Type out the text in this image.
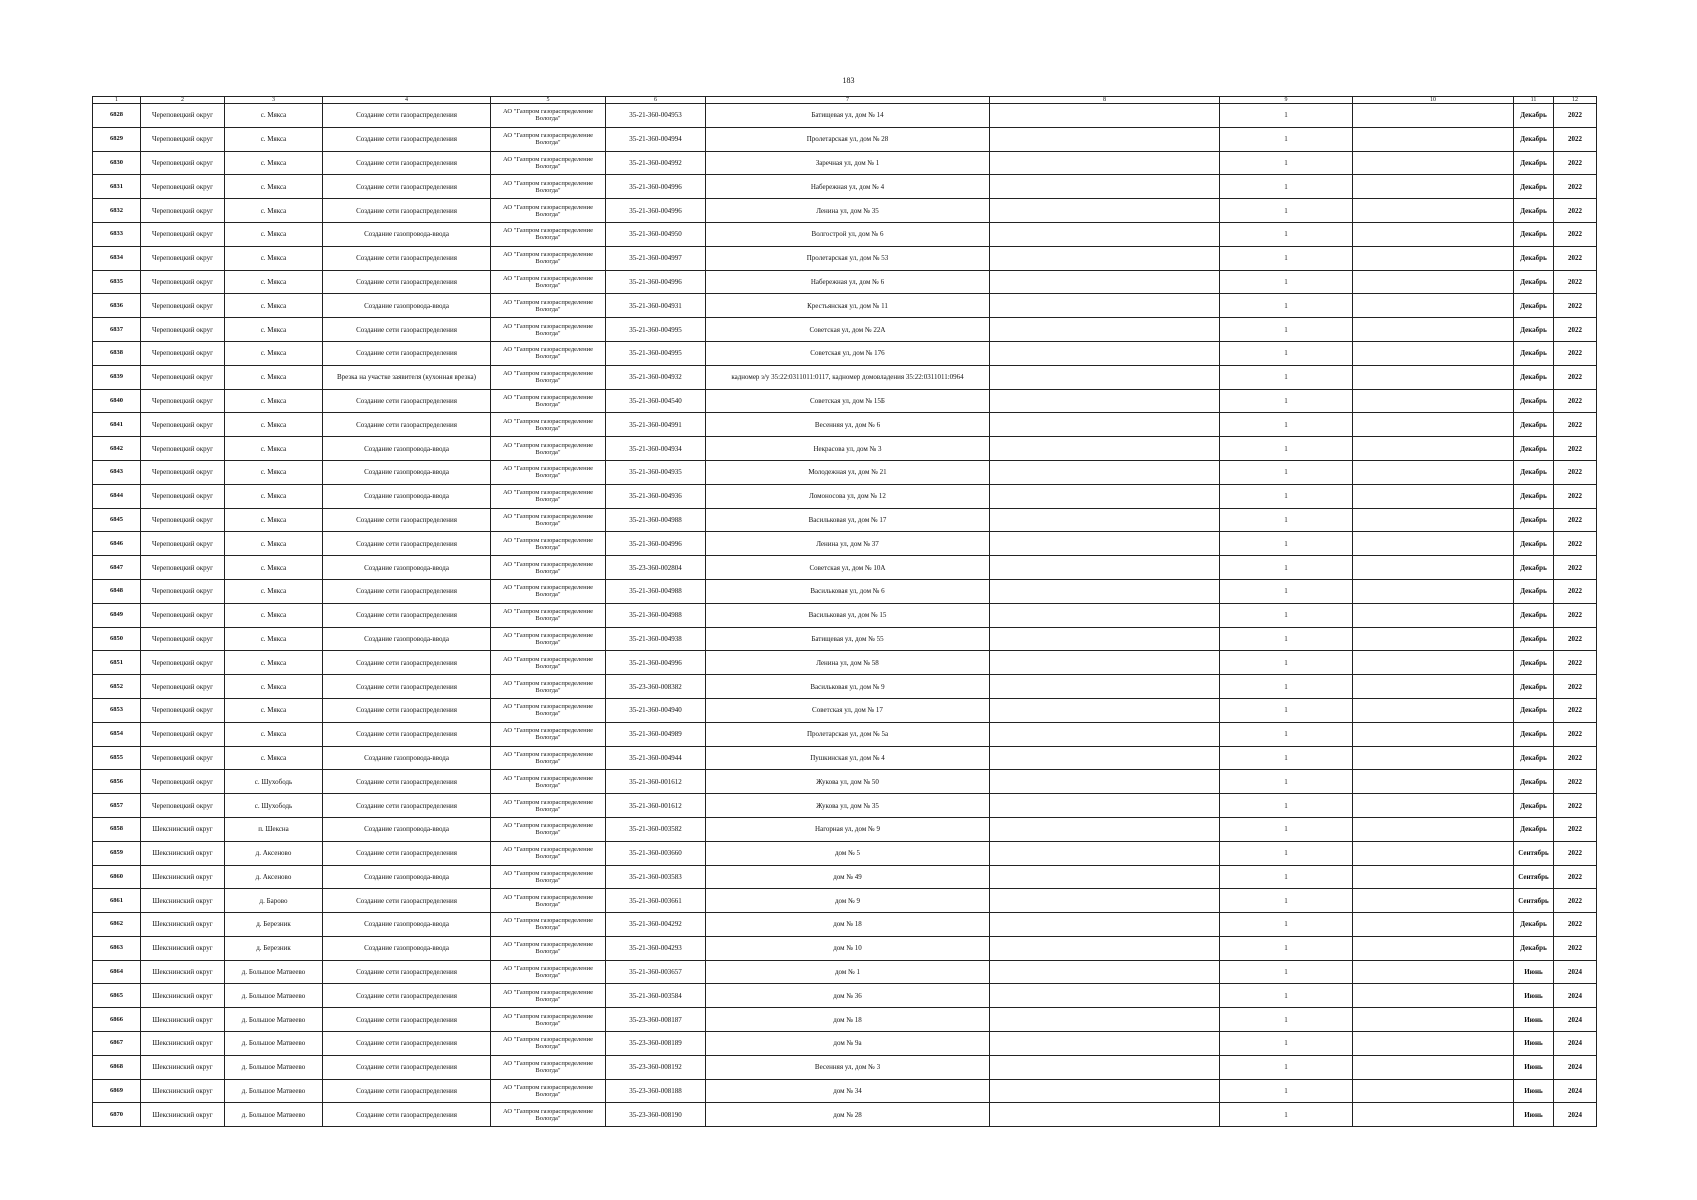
183
1	2	3	4	5	6	7	8	9	10	11	12
6828	Череповецкий округ	с. Мяксa	Создание сети газораспределения	АО "Газпром газораспределение Вологда"	35-21-360-004953	Батищевая ул, дом № 14		1		Декабрь	2022
6829	Череповецкий округ	с. Мякса	Создание сети газораспределения	АО "Газпром газораспределение Вологда"	35-21-360-004994	Пролетарская ул, дом № 28		1		Декабрь	2022
6830	Череповецкий округ	с. Мякса	Создание сети газораспределения	АО "Газпром газораспределение Вологда"	35-21-360-004992	Заречная ул, дом № 1		1		Декабрь	2022
6831	Череповецкий округ	с. Мякса	Создание сети газораспределения	АО "Газпром газораспределение Вологда"	35-21-360-004996	Набережная ул, дом № 4		1		Декабрь	2022
6832	Череповецкий округ	с. Мякса	Создание сети газораспределения	АО "Газпром газораспределение Вологда"	35-21-360-004996	Ленина ул, дом № 35		1		Декабрь	2022
6833	Череповецкий округ	с. Мякса	Создание газопровода-ввода	АО "Газпром газораспределение Вологда"	35-21-360-004950	Волгострой ул, дом № 6		1		Декабрь	2022
6834	Череповецкий округ	с. Мякса	Создание сети газораспределения	АО "Газпром газораспределение Вологда"	35-21-360-004997	Пролетарская ул, дом № 53		1		Декабрь	2022
6835	Череповецкий округ	с. Мякса	Создание сети газораспределения	АО "Газпром газораспределение Вологда"	35-21-360-004996	Набережная ул, дом № 6		1		Декабрь	2022
6836	Череповецкий округ	с. Мякса	Создание газопровода-ввода	АО "Газпром газораспределение Вологда"	35-21-360-004931	Крестьянская ул, дом № 11		1		Декабрь	2022
6837	Череповецкий округ	с. Мякса	Создание сети газораспределения	АО "Газпром газораспределение Вологда"	35-21-360-004995	Советская ул, дом № 22А		1		Декабрь	2022
6838	Череповецкий округ	с. Мякса	Создание сети газораспределения	АО "Газпром газораспределение Вологда"	35-21-360-004995	Советская ул, дом № 176		1		Декабрь	2022
6839	Череповецкий округ	с. Мякса	Врезка на участке заявителя (кухонная врезка)	АО "Газпром газораспределение Вологда"	35-21-360-004932	кадномер з/у 35:22:0311011:0117, кадномер домовладения 35:22:0311011:0964		1		Декабрь	2022
6840	Череповецкий округ	с. Мякса	Создание сети газораспределения	АО "Газпром газораспределение Вологда"	35-21-360-004540	Советская ул, дом № 15Б		1		Декабрь	2022
6841	Череповецкий округ	с. Мякса	Создание сети газораспределения	АО "Газпром газораспределение Вологда"	35-21-360-004991	Весенняя ул, дом № 6		1		Декабрь	2022
6842	Череповецкий округ	с. Мякса	Создание газопровода-ввода	АО "Газпром газораспределение Вологда"	35-21-360-004934	Некрасова ул, дом № 3		1		Декабрь	2022
6843	Череповецкий округ	с. Мякса	Создание газопровода-ввода	АО "Газпром газораспределение Вологда"	35-21-360-004935	Молодежная ул, дом № 21		1		Декабрь	2022
6844	Череповецкий округ	с. Мякса	Создание газопровода-ввода	АО "Газпром газораспределение Вологда"	35-21-360-004936	Ломоносова ул, дом № 12		1		Декабрь	2022
6845	Череповецкий округ	с. Мякса	Создание сети газораспределения	АО "Газпром газораспределение Вологда"	35-21-360-004988	Васильковая ул, дом № 17		1		Декабрь	2022
6846	Череповецкий округ	с. Мякса	Создание сети газораспределения	АО "Газпром газораспределение Вологда"	35-21-360-004996	Ленина ул, дом № 37		1		Декабрь	2022
6847	Череповецкий округ	с. Мякса	Создание газопровода-ввода	АО "Газпром газораспределение Вологда"	35-23-360-002804	Советская ул, дом № 10А		1		Декабрь	2022
6848	Череповецкий округ	с. Мякса	Создание сети газораспределения	АО "Газпром газораспределение Вологда"	35-21-360-004988	Васильковая ул, дом № 6		1		Декабрь	2022
6849	Череповецкий округ	с. Мякса	Создание сети газораспределения	АО "Газпром газораспределение Вологда"	35-21-360-004988	Васильковая ул, дом № 15		1		Декабрь	2022
6850	Череповецкий округ	с. Мякса	Создание газопровода-ввода	АО "Газпром газораспределение Вологда"	35-21-360-004938	Батищевая ул, дом № 55		1		Декабрь	2022
6851	Череповецкий округ	с. Мякса	Создание сети газораспределения	АО "Газпром газораспределение Вологда"	35-21-360-004996	Ленина ул, дом № 58		1		Декабрь	2022
6852	Череповецкий округ	с. Мякса	Создание сети газораспределения	АО "Газпром газораспределение Вологда"	35-23-360-008382	Васильковая ул, дом № 9		1		Декабрь	2022
6853	Череповецкий округ	с. Мякса	Создание сети газораспределения	АО "Газпром газораспределение Вологда"	35-21-360-004940	Советская ул, дом № 17		1		Декабрь	2022
6854	Череповецкий округ	с. Мякса	Создание сети газораспределения	АО "Газпром газораспределение Вологда"	35-21-360-004989	Пролетарская ул, дом № 5а		1		Декабрь	2022
6855	Череповецкий округ	с. Мякса	Создание газопровода-ввода	АО "Газпром газораспределение Вологда"	35-21-360-004944	Пушкинская ул, дом № 4		1		Декабрь	2022
6856	Череповецкий округ	с. Шухободь	Создание сети газораспределения	АО "Газпром газораспределение Вологда"	35-21-360-001612	Жукова ул, дом № 50		1		Декабрь	2022
6857	Череповецкий округ	с. Шухободь	Создание сети газораспределения	АО "Газпром газораспределение Вологда"	35-21-360-001612	Жукова ул, дом № 35		1		Декабрь	2022
6858	Шекснинский округ	п. Шексна	Создание газопровода-ввода	АО "Газпром газораспределение Вологда"	35-21-360-003582	Нагорная ул, дом № 9		1		Декабрь	2022
6859	Шекснинский округ	д. Аксеново	Создание сети газораспределения	АО "Газпром газораспределение Вологда"	35-21-360-003660	дом № 5		1		Сентябрь	2022
6860	Шекснинский округ	д. Аксеново	Создание газопровода-ввода	АО "Газпром газораспределение Вологда"	35-21-360-003583	дом № 49		1		Сентябрь	2022
6861	Шекснинский округ	д. Барово	Создание сети газораспределения	АО "Газпром газораспределение Вологда"	35-21-360-003661	дом № 9		1		Сентябрь	2022
6862	Шекснинский округ	д. Березник	Создание газопровода-ввода	АО "Газпром газораспределение Вологда"	35-21-360-004292	дом № 18		1		Декабрь	2022
6863	Шекснинский округ	д. Березник	Создание газопровода-ввода	АО "Газпром газораспределение Вологда"	35-21-360-004293	дом № 10		1		Декабрь	2022
6864	Шекснинский округ	д. Большое Матвеево	Создание сети газораспределения	АО "Газпром газораспределение Вологда"	35-21-360-003657	дом № 1		1		Июнь	2024
6865	Шекснинский округ	д. Большое Матвеево	Создание сети газораспределения	АО "Газпром газораспределение Вологда"	35-21-360-003584	дом № 36		1		Июнь	2024
6866	Шекснинский округ	д. Большое Матвеево	Создание сети газораспределения	АО "Газпром газораспределение Вологда"	35-23-360-008187	дом № 18		1		Июнь	2024
6867	Шекснинский округ	д. Большое Матвеево	Создание сети газораспределения	АО "Газпром газораспределение Вологда"	35-23-360-008189	дом № 9а		1		Июнь	2024
6868	Шекснинский округ	д. Большое Матвеево	Создание сети газораспределения	АО "Газпром газораспределение Вологда"	35-23-360-008192	Весенняя ул, дом № 3		1		Июнь	2024
6869	Шекснинский округ	д. Большое Матвеево	Создание сети газораспределения	АО "Газпром газораспределение Вологда"	35-23-360-008188	дом № 34		1		Июнь	2024
6870	Шекснинский округ	д. Большое Матвеево	Создание сети газораспределения	АО "Газпром газораспределение Вологда"	35-23-360-008190	дом № 28		1		Июнь	2024
